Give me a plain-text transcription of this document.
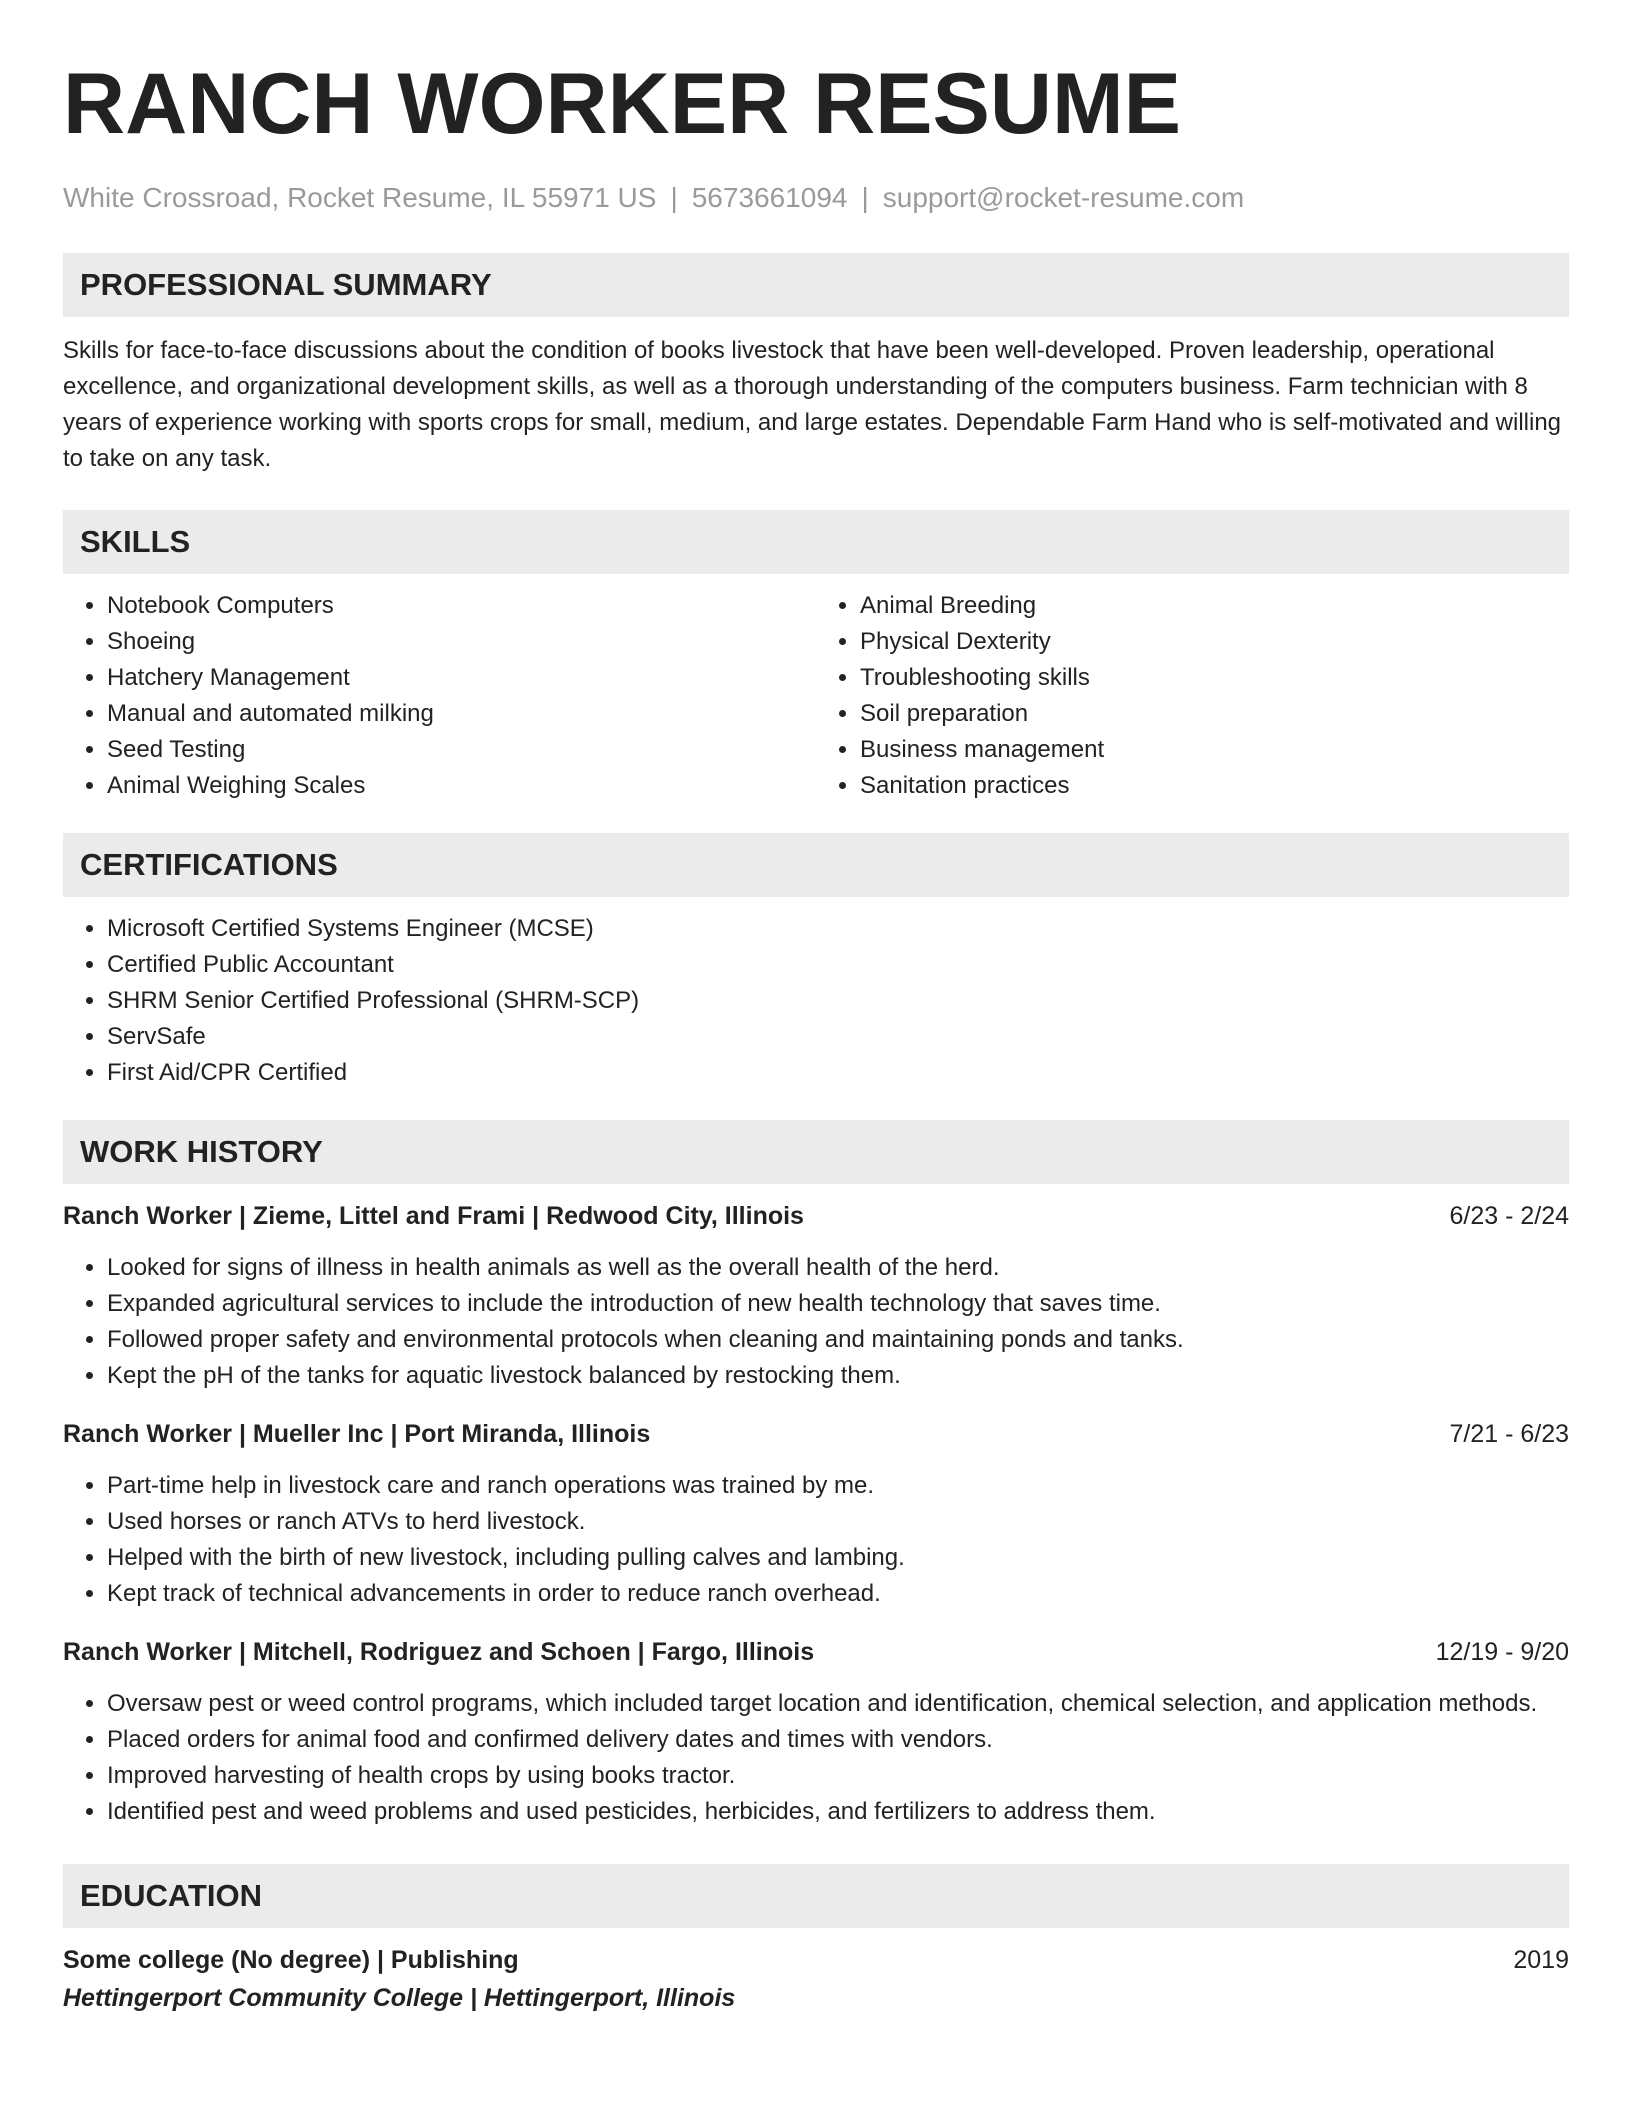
RANCH WORKER RESUME
White Crossroad, Rocket Resume, IL 55971 US | 5673661094 | support@rocket-resume.com
PROFESSIONAL SUMMARY

Skills for face-to-face discussions about the condition of books livestock that have been well-developed. Proven leadership, operational excellence, and organizational development skills, as well as a thorough understanding of the computers business. Farm technician with 8 years of experience working with sports crops for small, medium, and large estates. Dependable Farm Hand who is self-motivated and willing to take on any task.

SKILLS
• Notebook Computers
• Shoeing
• Hatchery Management
• Manual and automated milking
• Seed Testing
• Animal Weighing Scales
• Animal Breeding
• Physical Dexterity
• Troubleshooting skills
• Soil preparation
• Business management
• Sanitation practices
CERTIFICATIONS
• Microsoft Certified Systems Engineer (MCSE)
• Certified Public Accountant
• SHRM Senior Certified Professional (SHRM-SCP)
• ServSafe
• First Aid/CPR Certified
WORK HISTORY
Ranch Worker | Zieme, Littel and Frami | Redwood City, Illinois	6/23 - 2/24
• Looked for signs of illness in health animals as well as the overall health of the herd.
• Expanded agricultural services to include the introduction of new health technology that saves time.
• Followed proper safety and environmental protocols when cleaning and maintaining ponds and tanks.
• Kept the pH of the tanks for aquatic livestock balanced by restocking them.
Ranch Worker | Mueller Inc | Port Miranda, Illinois	7/21 - 6/23
• Part-time help in livestock care and ranch operations was trained by me.
• Used horses or ranch ATVs to herd livestock.
• Helped with the birth of new livestock, including pulling calves and lambing.
• Kept track of technical advancements in order to reduce ranch overhead.
Ranch Worker | Mitchell, Rodriguez and Schoen | Fargo, Illinois	12/19 - 9/20
• Oversaw pest or weed control programs, which included target location and identification, chemical selection, and application methods.
• Placed orders for animal food and confirmed delivery dates and times with vendors.
• Improved harvesting of health crops by using books tractor.
• Identified pest and weed problems and used pesticides, herbicides, and fertilizers to address them.
EDUCATION
Some college (No degree) | Publishing	2019
Hettingerport Community College | Hettingerport, Illinois
